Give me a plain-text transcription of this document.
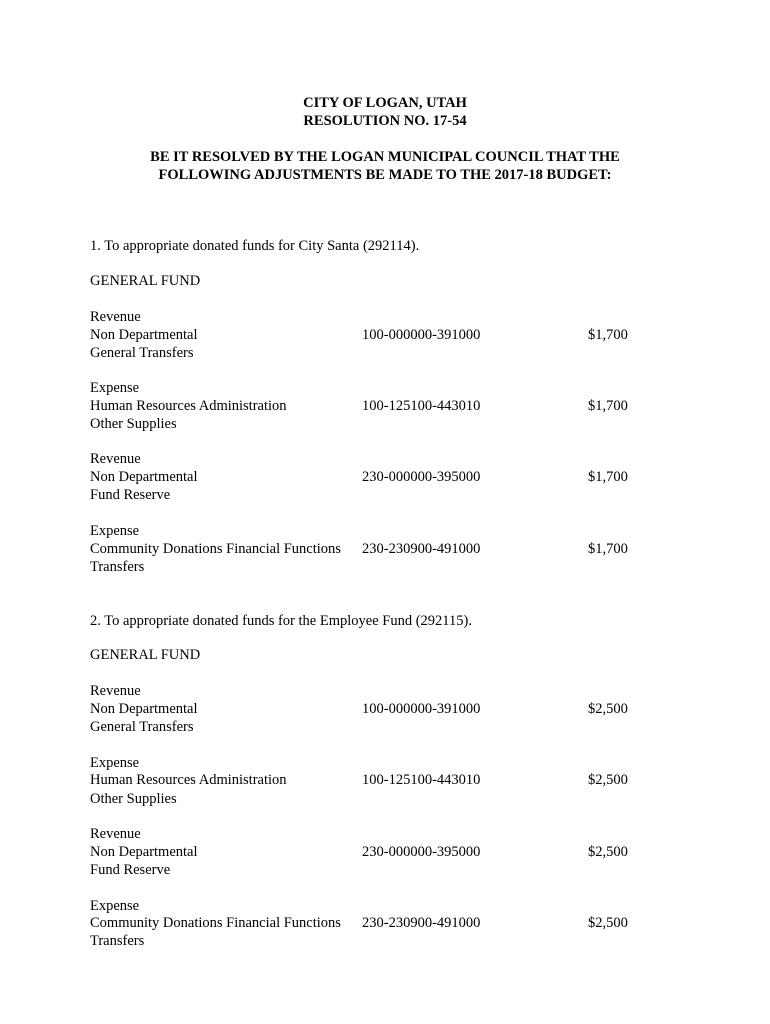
CITY OF LOGAN, UTAH
RESOLUTION NO. 17-54
BE IT RESOLVED BY THE LOGAN MUNICIPAL COUNCIL THAT THE
FOLLOWING ADJUSTMENTS BE MADE TO THE 2017-18 BUDGET:
1. To appropriate donated funds for City Santa (292114).
GENERAL FUND
Revenue
Non Departmental	100-000000-391000	$1,700
General Transfers
Expense
Human Resources Administration	100-125100-443010	$1,700
Other Supplies
Revenue
Non Departmental	230-000000-395000	$1,700
Fund Reserve
Expense
Community Donations Financial Functions 230-230900-491000	$1,700
Transfers
2. To appropriate donated funds for the Employee Fund (292115).
GENERAL FUND
Revenue
Non Departmental	100-000000-391000	$2,500
General Transfers
Expense
Human Resources Administration	100-125100-443010	$2,500
Other Supplies
Revenue
Non Departmental	230-000000-395000	$2,500
Fund Reserve
Expense
Community Donations Financial Functions 230-230900-491000	$2,500
Transfers
